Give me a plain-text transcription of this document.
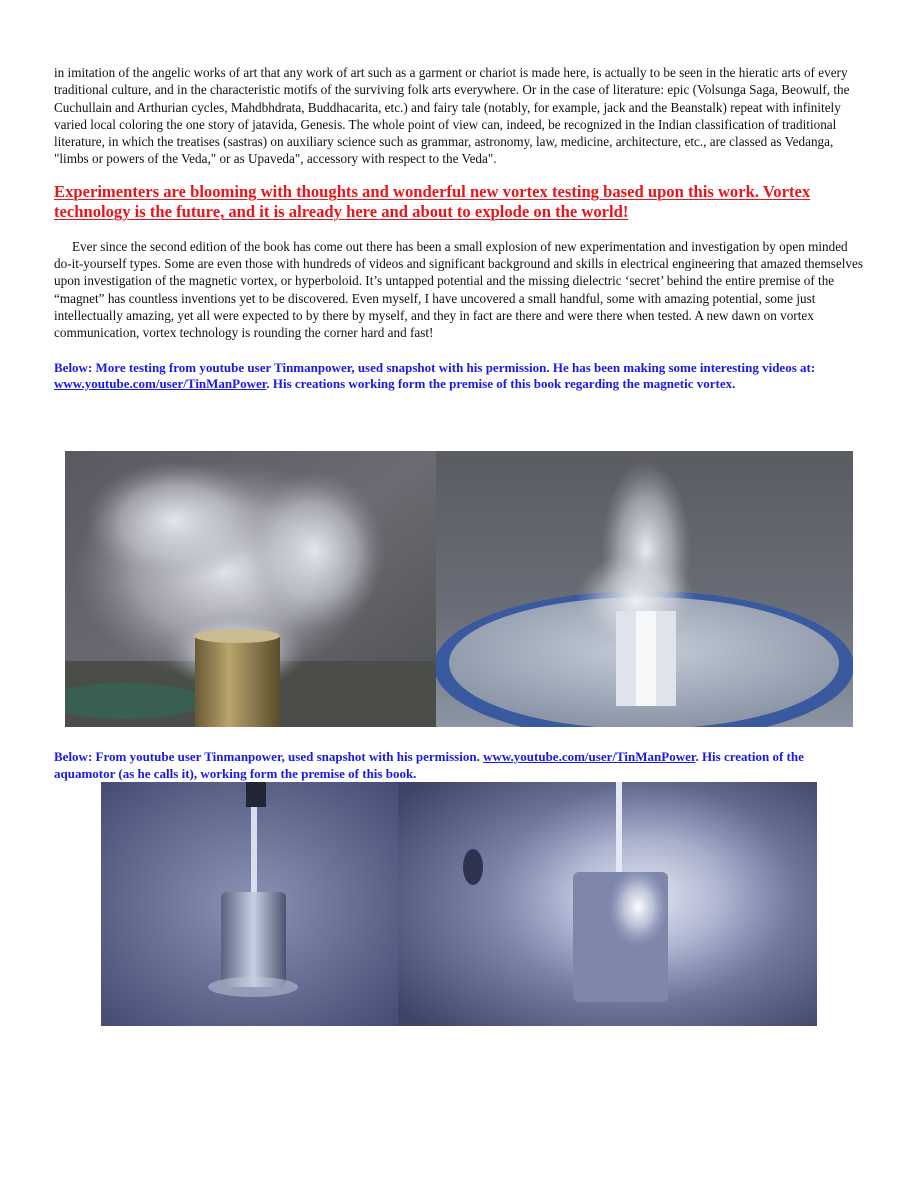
in imitation of the angelic works of art that any work of art such as a garment or chariot is made here, is actually to be seen in the hieratic arts of every traditional culture, and in the characteristic motifs of the surviving folk arts everywhere. Or in the case of literature: epic (Volsunga Saga, Beowulf, the Cuchullain and Arthurian cycles, Mahdbhdrata, Buddhacarita, etc.) and fairy tale (notably, for example, jack and the Beanstalk) repeat with infinitely varied local coloring the one story of jatavida, Genesis. The whole point of view can, indeed, be recognized in the Indian classification of traditional literature, in which the treatises (sastras) on auxiliary science such as grammar, astronomy, law, medicine, architecture, etc., are classed as Vedanga, "limbs or powers of the Veda," or as Upaveda", accessory with respect to the Veda".

Experimenters are blooming with thoughts and wonderful new vortex testing based upon this work. Vortex technology is the future, and it is already here and about to explode on the world!

Ever since the second edition of the book has come out there has been a small explosion of new experimentation and investigation by open minded do-it-yourself types. Some are even those with hundreds of videos and significant background and skills in electrical engineering that amazed themselves upon investigation of the magnetic vortex, or hyperboloid. It’s untapped potential and the missing dielectric ‘secret’ behind the entire premise of the “magnet” has countless inventions yet to be discovered. Even myself, I have uncovered a small handful, some with amazing potential, some just intellectually amazing, yet all were expected to by there by myself, and they in fact are there and were there when tested. A new dawn on vortex communication, vortex technology is rounding the corner hard and fast!

Below: More testing from youtube user Tinmanpower, used snapshot with his permission. He has been making some interesting videos at: www.youtube.com/user/TinManPower. His creations working form the premise of this book regarding the magnetic vortex.

Below: From youtube user Tinmanpower, used snapshot with his permission. www.youtube.com/user/TinManPower. His creation of the aquamotor (as he calls it), working form the premise of this book.
